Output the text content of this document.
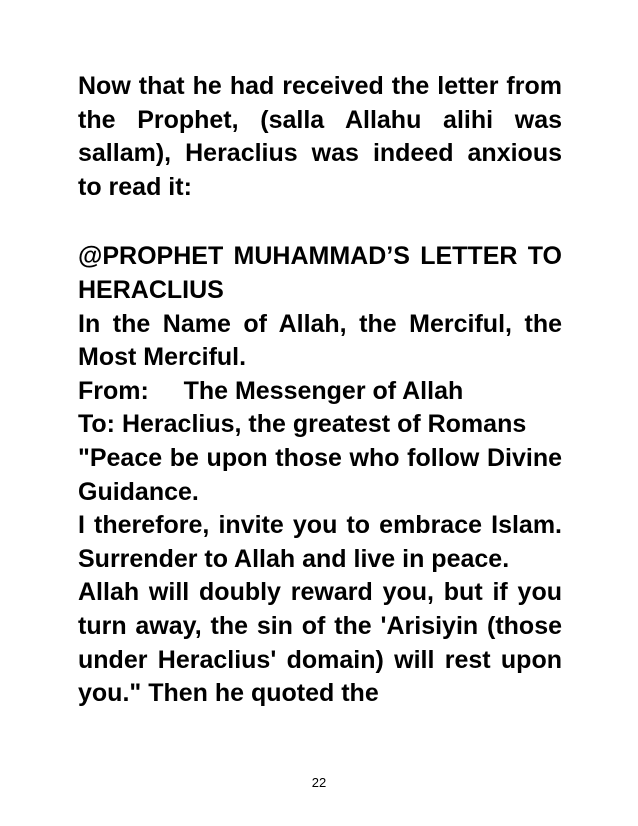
Now that he had received the letter from the Prophet, (salla Allahu alihi was sallam), Heraclius was indeed anxious to read it:

@PROPHET MUHAMMAD’S LETTER TO HERACLIUS

In the Name of Allah, the Merciful, the Most Merciful.

From: The Messenger of Allah

To: Heraclius, the greatest of Romans

"Peace be upon those who follow Divine Guidance.

I therefore, invite you to embrace Islam. Surrender to Allah and live in peace.

Allah will doubly reward you, but if you turn away, the sin of the 'Arisiyin (those under Heraclius' domain) will rest upon you." Then he quoted the

22
